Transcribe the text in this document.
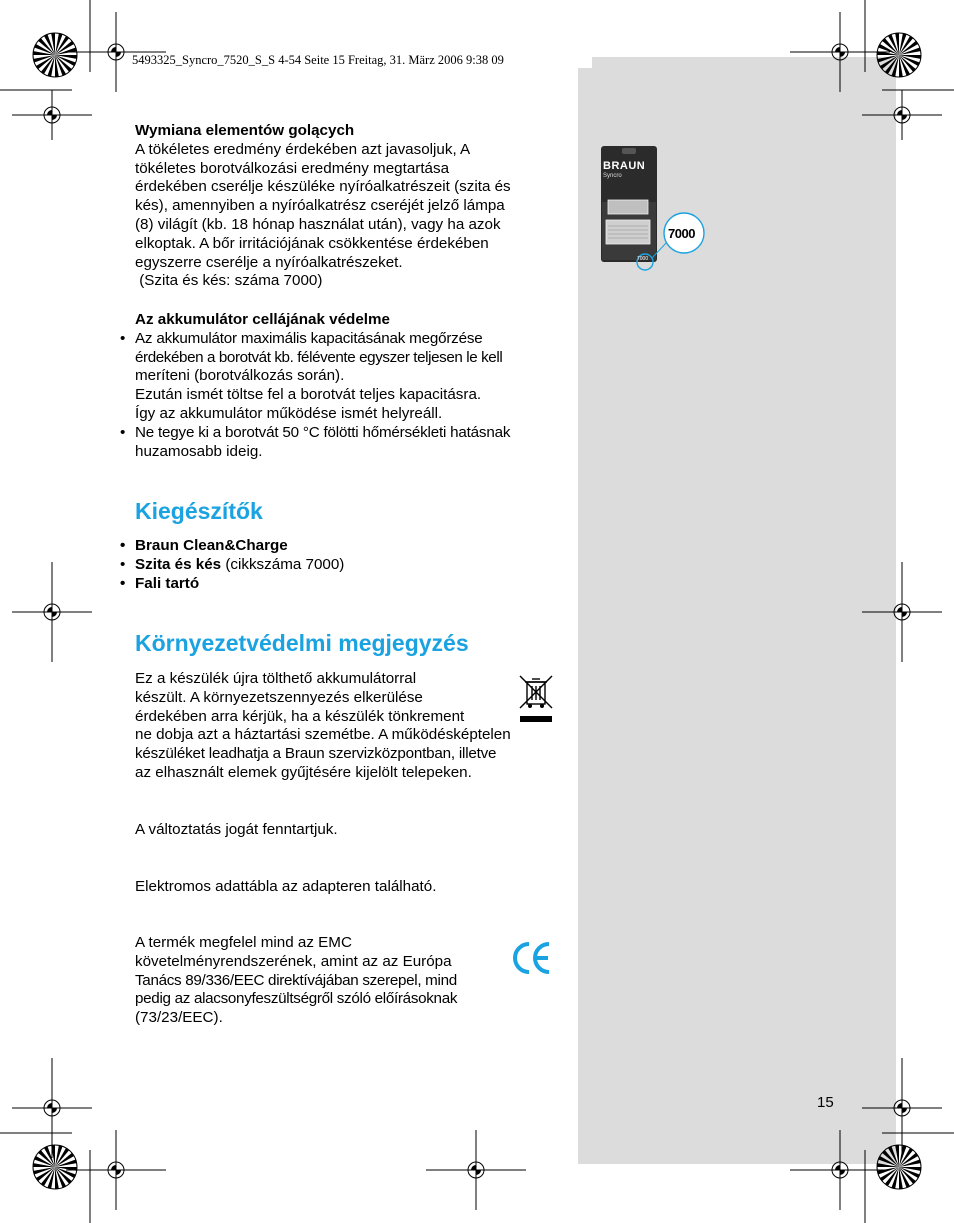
5493325_Syncro_7520_S_S 4-54 Seite 15 Freitag, 31. März 2006 9:38 09

Wymiana elementów golących

A tökéletes eredmény érdekében azt javasoljuk, A

tökéletes borotválkozási eredmény megtartása

érdekében cserélje készüléke nyíróalkatrészeit (szita és

kés), amennyiben a nyíróalkatrész cseréjét jelző lámpa

(8) világít (kb. 18 hónap használat után), vagy ha azok

elkoptak. A bőr irritációjának csökkentése érdekében

egyszerre cserélje a nyíróalkatrészeket.

(Szita és kés: száma 7000)

Az akkumulátor cellájának védelme

• Az akkumulátor maximális kapacitásának megőrzése

érdekében a borotvát kb. félévente egyszer teljesen le kell

meríteni (borotválkozás során).

Ezután ismét töltse fel a borotvát teljes kapacitásra.

Így az akkumulátor működése ismét helyreáll.

• Ne tegye ki a borotvát 50 °C fölötti hőmérsékleti hatásnak

huzamosabb ideig.

Kiegészítők
• Braun Clean&Charge
• Szita és kés (cikkszáma 7000)
• Fali tartó
Környezetvédelmi megjegyzés

Ez a készülék újra tölthető akkumulátorral

készült. A környezetszennyezés elkerülése

érdekében arra kérjük, ha a készülék tönkrement

ne dobja azt a háztartási szemétbe. A működésképtelen

készüléket leadhatja a Braun szervizközpontban, illetve

az elhasznált elemek gyűjtésére kijelölt telepeken.

A változtatás jogát fenntartjuk.
Elektromos adattábla az adapteren található.

A termék megfelel mind az EMC

követelményrendszerének, amint az az Európa

Tanács 89/336/EEC direktívájában szerepel, mind

pedig az alacsonyfeszültségről szóló előírásoknak

(73/23/EEC).

15
BRAUN
Syncro
7000
7000
